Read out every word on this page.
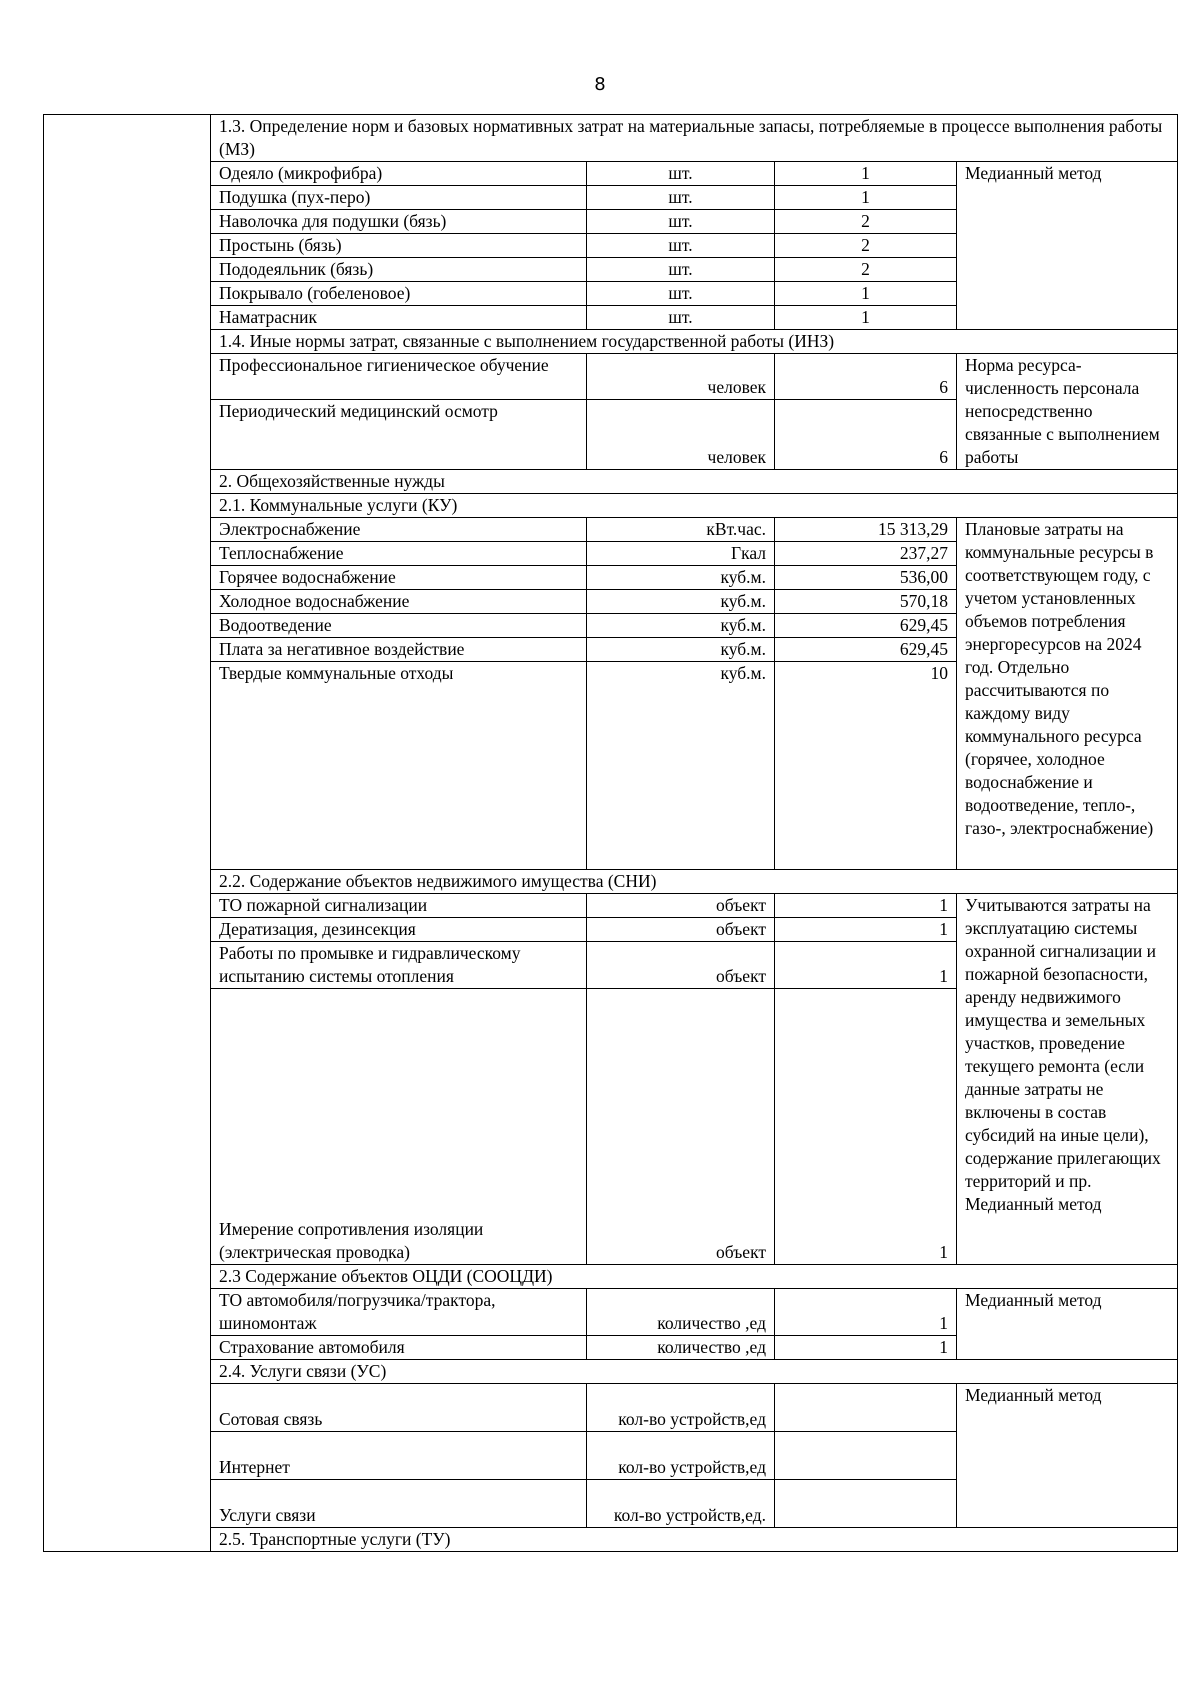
8
	1.3. Определение норм и базовых нормативных затрат на материальные запасы, потребляемые в процессе выполнения работы (МЗ)			
	Одеяло (микрофибра)	шт.	1	Медианный метод
	Подушка (пух-перо)	шт.	1	
	Наволочка для подушки (бязь)	шт.	2	
	Простынь (бязь)	шт.	2	
	Пододеяльник (бязь)	шт.	2	
	Покрывало (гобеленовое)	шт.	1	
	Наматрасник	шт.	1	
	1.4. Иные нормы затрат, связанные с выполнением государственной работы (ИНЗ)			
	Профессиональное гигиеническое обучение	человек	6	Норма ресурса- численность персонала непосредственно связанные с выполнением работы
	Периодический медицинский осмотр	человек	6	
	2. Общехозяйственные нужды			
	2.1. Коммунальные услуги (КУ)			
	Электроснабжение	кВт.час.	15 313,29	Плановые затраты на коммунальные ресурсы в соответствующем году, с учетом установленных объемов потребления энергоресурсов на 2024 год. Отдельно рассчитываются по каждому виду коммунального ресурса (горячее, холодное водоснабжение и водоотведение, тепло-, газо-, электроснабжение)
	Теплоснабжение	Гкал	237,27	
	Горячее водоснабжение	куб.м.	536,00	
	Холодное водоснабжение	куб.м.	570,18	
	Водоотведение	куб.м.	629,45	
	Плата за негативное воздействие	куб.м.	629,45	
	Твердые коммунальные отходы	куб.м.	10	
	2.2. Содержание объектов недвижимого имущества (СНИ)			
	ТО пожарной сигнализации	объект	1	Учитываются затраты на эксплуатацию системы охранной сигнализации и пожарной безопасности, аренду недвижимого имущества и земельных участков, проведение текущего ремонта (если данные затраты не включены в состав субсидий на иные цели), содержание прилегающих территорий и пр. Медианный метод
	Дератизация, дезинсекция	объект	1	
	Работы по промывке и гидравлическому испытанию системы отопления	объект	1	
	Имерение сопротивления изоляции (электрическая проводка)	объект	1	
	2.3 Содержание объектов ОЦДИ (СООЦДИ)			
	ТО автомобиля/погрузчика/трактора, шиномонтаж	количество ,ед	1	Медианный метод
	Страхование автомобиля	количество ,ед	1	
	2.4. Услуги связи (УС)			
	Сотовая связь	кол-во устройств,ед		Медианный метод
	Интернет	кол-во устройств,ед		
	Услуги связи	кол-во устройств,ед.		
	2.5. Транспортные услуги (ТУ)			
